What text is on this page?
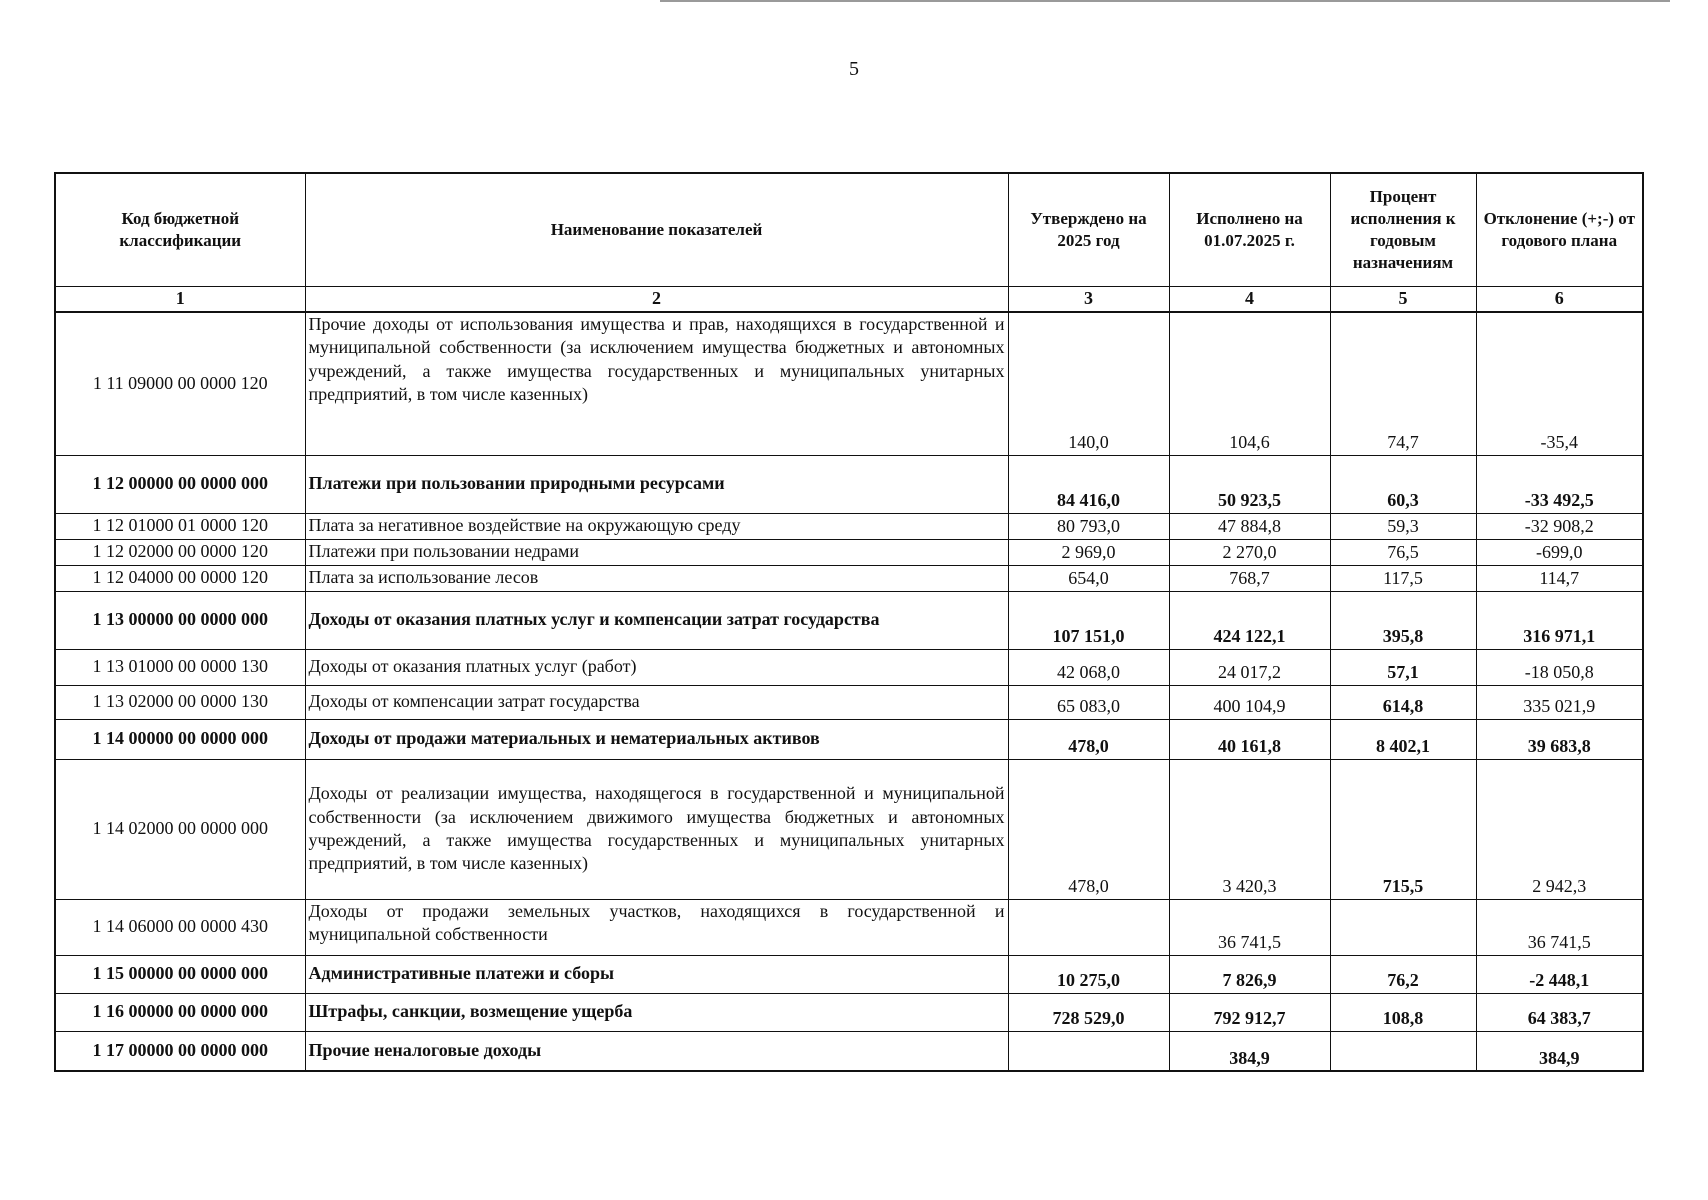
5
Код бюджетной классификации	Наименование показателей	Утверждено на 2025 год	Исполнено на 01.07.2025 г.	Процент исполнения к годовым назначениям	Отклонение (+;-) от годового плана
1	2	3	4	5	6
1 11 09000 00 0000 120	Прочие доходы от использования имущества и прав, находящихся в государственной и муниципальной собственности (за исключением имущества бюджетных и автономных учреждений, а также имущества государственных и муниципальных унитарных предприятий, в том числе казенных)	140,0	104,6	74,7	-35,4
1 12 00000 00 0000 000	Платежи при пользовании природными ресурсами	84 416,0	50 923,5	60,3	-33 492,5
1 12 01000 01 0000 120	Плата за негативное воздействие на окружающую среду	80 793,0	47 884,8	59,3	-32 908,2
1 12 02000 00 0000 120	Платежи при пользовании недрами	2 969,0	2 270,0	76,5	-699,0
1 12 04000 00 0000 120	Плата за использование лесов	654,0	768,7	117,5	114,7
1 13 00000 00 0000 000	Доходы от оказания платных услуг и компенсации затрат государства	107 151,0	424 122,1	395,8	316 971,1
1 13 01000 00 0000 130	Доходы от оказания платных услуг (работ)	42 068,0	24 017,2	57,1	-18 050,8
1 13 02000 00 0000 130	Доходы от компенсации затрат государства	65 083,0	400 104,9	614,8	335 021,9
1 14 00000 00 0000 000	Доходы от продажи материальных и нематериальных активов	478,0	40 161,8	8 402,1	39 683,8
1 14 02000 00 0000 000	Доходы от реализации имущества, находящегося в государственной и муниципальной собственности (за исключением движимого имущества бюджетных и автономных учреждений, а также имущества государственных и муниципальных унитарных предприятий, в том числе казенных)	478,0	3 420,3	715,5	2 942,3
1 14 06000 00 0000 430	Доходы от продажи земельных участков, находящихся в государственной и муниципальной собственности		36 741,5		36 741,5
1 15 00000 00 0000 000	Административные платежи и сборы	10 275,0	7 826,9	76,2	-2 448,1
1 16 00000 00 0000 000	Штрафы, санкции, возмещение ущерба	728 529,0	792 912,7	108,8	64 383,7
1 17 00000 00 0000 000	Прочие неналоговые доходы		384,9		384,9
